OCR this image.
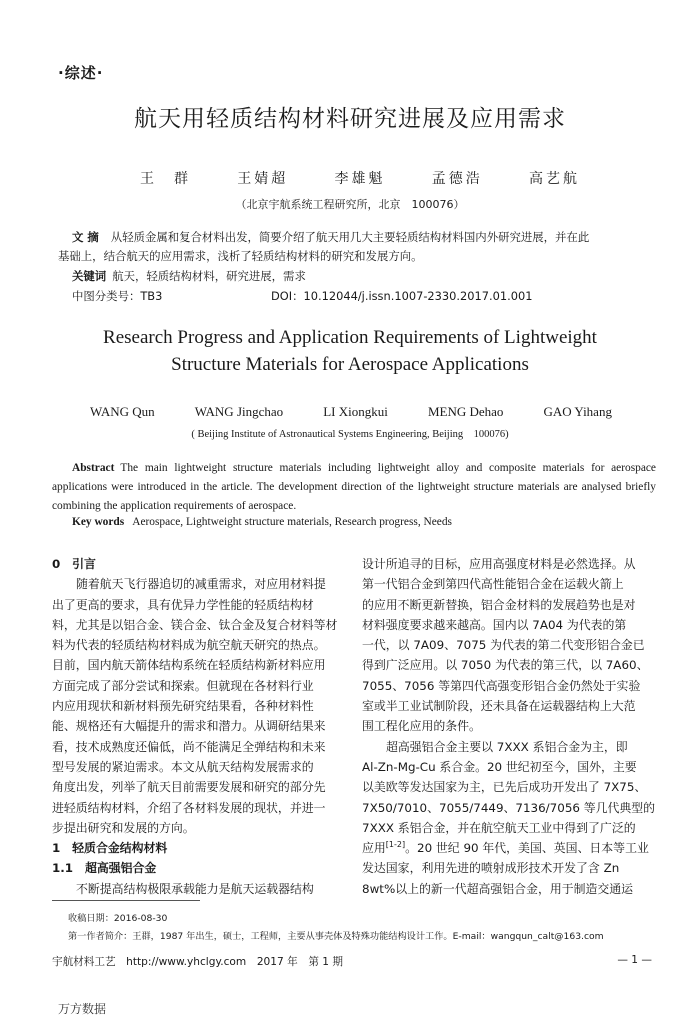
·综述·
航天用轻质结构材料研究进展及应用需求
王　群	王婧超	李雄魁	孟德浩	高艺航
（北京宇航系统工程研究所，北京　100076）
文摘 从轻质金属和复合材料出发，简要介绍了航天用几大主要轻质结构材料国内外研究进展，并在此
基础上，结合航天的应用需求，浅析了轻质结构材料的研究和发展方向。
关键词 航天，轻质结构材料，研究进展，需求
中图分类号：TB3	DOI：10.12044/j.issn.1007-2330.2017.01.001
Research Progress and Application Requirements of Lightweight
Structure Materials for Aerospace Applications
WANG Qun	WANG Jingchao	LI Xiongkui	MENG Dehao	GAO Yihang
( Beijing Institute of Astronautical Systems Engineering, Beijing　100076)
Abstract The main lightweight structure materials including lightweight alloy and composite materials for aerospace applications were introduced in the article. The development direction of the lightweight structure materials are analysed briefly combining the application requirements of aerospace.
Key words Aerospace, Lightweight structure materials, Research progress, Needs
0　引言
随着航天飞行器追切的减重需求，对应用材料提
出了更高的要求，具有优异力学性能的轻质结构材
料，尤其是以铝合金、镁合金、钛合金及复合材料等材
料为代表的轻质结构材料成为航空航天研究的热点。
目前，国内航天箭体结构系统在轻质结构新材料应用
方面完成了部分尝试和探索。但就现在各材料行业
内应用现状和新材料预先研究结果看，各种材料性
能、规格还有大幅提升的需求和潜力。从调研结果来
看，技术成熟度还偏低，尚不能满足全弹结构和未来
型号发展的紧迫需求。本文从航天结构发展需求的
角度出发，列举了航天目前需要发展和研究的部分先
进轻质结构材料，介绍了各材料发展的现状，并进一
步提出研究和发展的方向。
1　轻质合金结构材料
1.1　超高强铝合金
不断提高结构极限承载能力是航天运载器结构
设计所追寻的目标，应用高强度材料是必然选择。从
第一代铝合金到第四代高性能铝合金在运载火箭上
的应用不断更新替换，铝合金材料的发展趋势也是对
材料强度要求越来越高。国内以 7A04 为代表的第
一代，以 7A09、7075 为代表的第二代变形铝合金已
得到广泛应用。以 7050 为代表的第三代，以 7A60、
7055、7056 等第四代高强变形铝合金仍然处于实验
室或半工业试制阶段，还未具备在运载器结构上大范
围工程化应用的条件。
超高强铝合金主要以 7XXX 系铝合金为主，即
Al-Zn-Mg-Cu 系合金。20 世纪初至今，国外，主要
以美欧等发达国家为主，已先后成功开发出了 7X75、
7X50/7010、7055/7449、7136/7056 等几代典型的
7XXX 系铝合金，并在航空航天工业中得到了广泛的
应用[1-2]。20 世纪 90 年代，美国、英国、日本等工业
发达国家，利用先进的喷射成形技术开发了含 Zn
8wt%以上的新一代超高强铝合金，用于制造交通运
收稿日期：2016-08-30
第一作者简介：王群，1987 年出生，硕士，工程师，主要从事壳体及特殊功能结构设计工作。E-mail：wangqun_calt@163.com
宇航材料工艺　http://www.yhclgy.com　2017 年　第 1 期	— 1 —
万方数据
